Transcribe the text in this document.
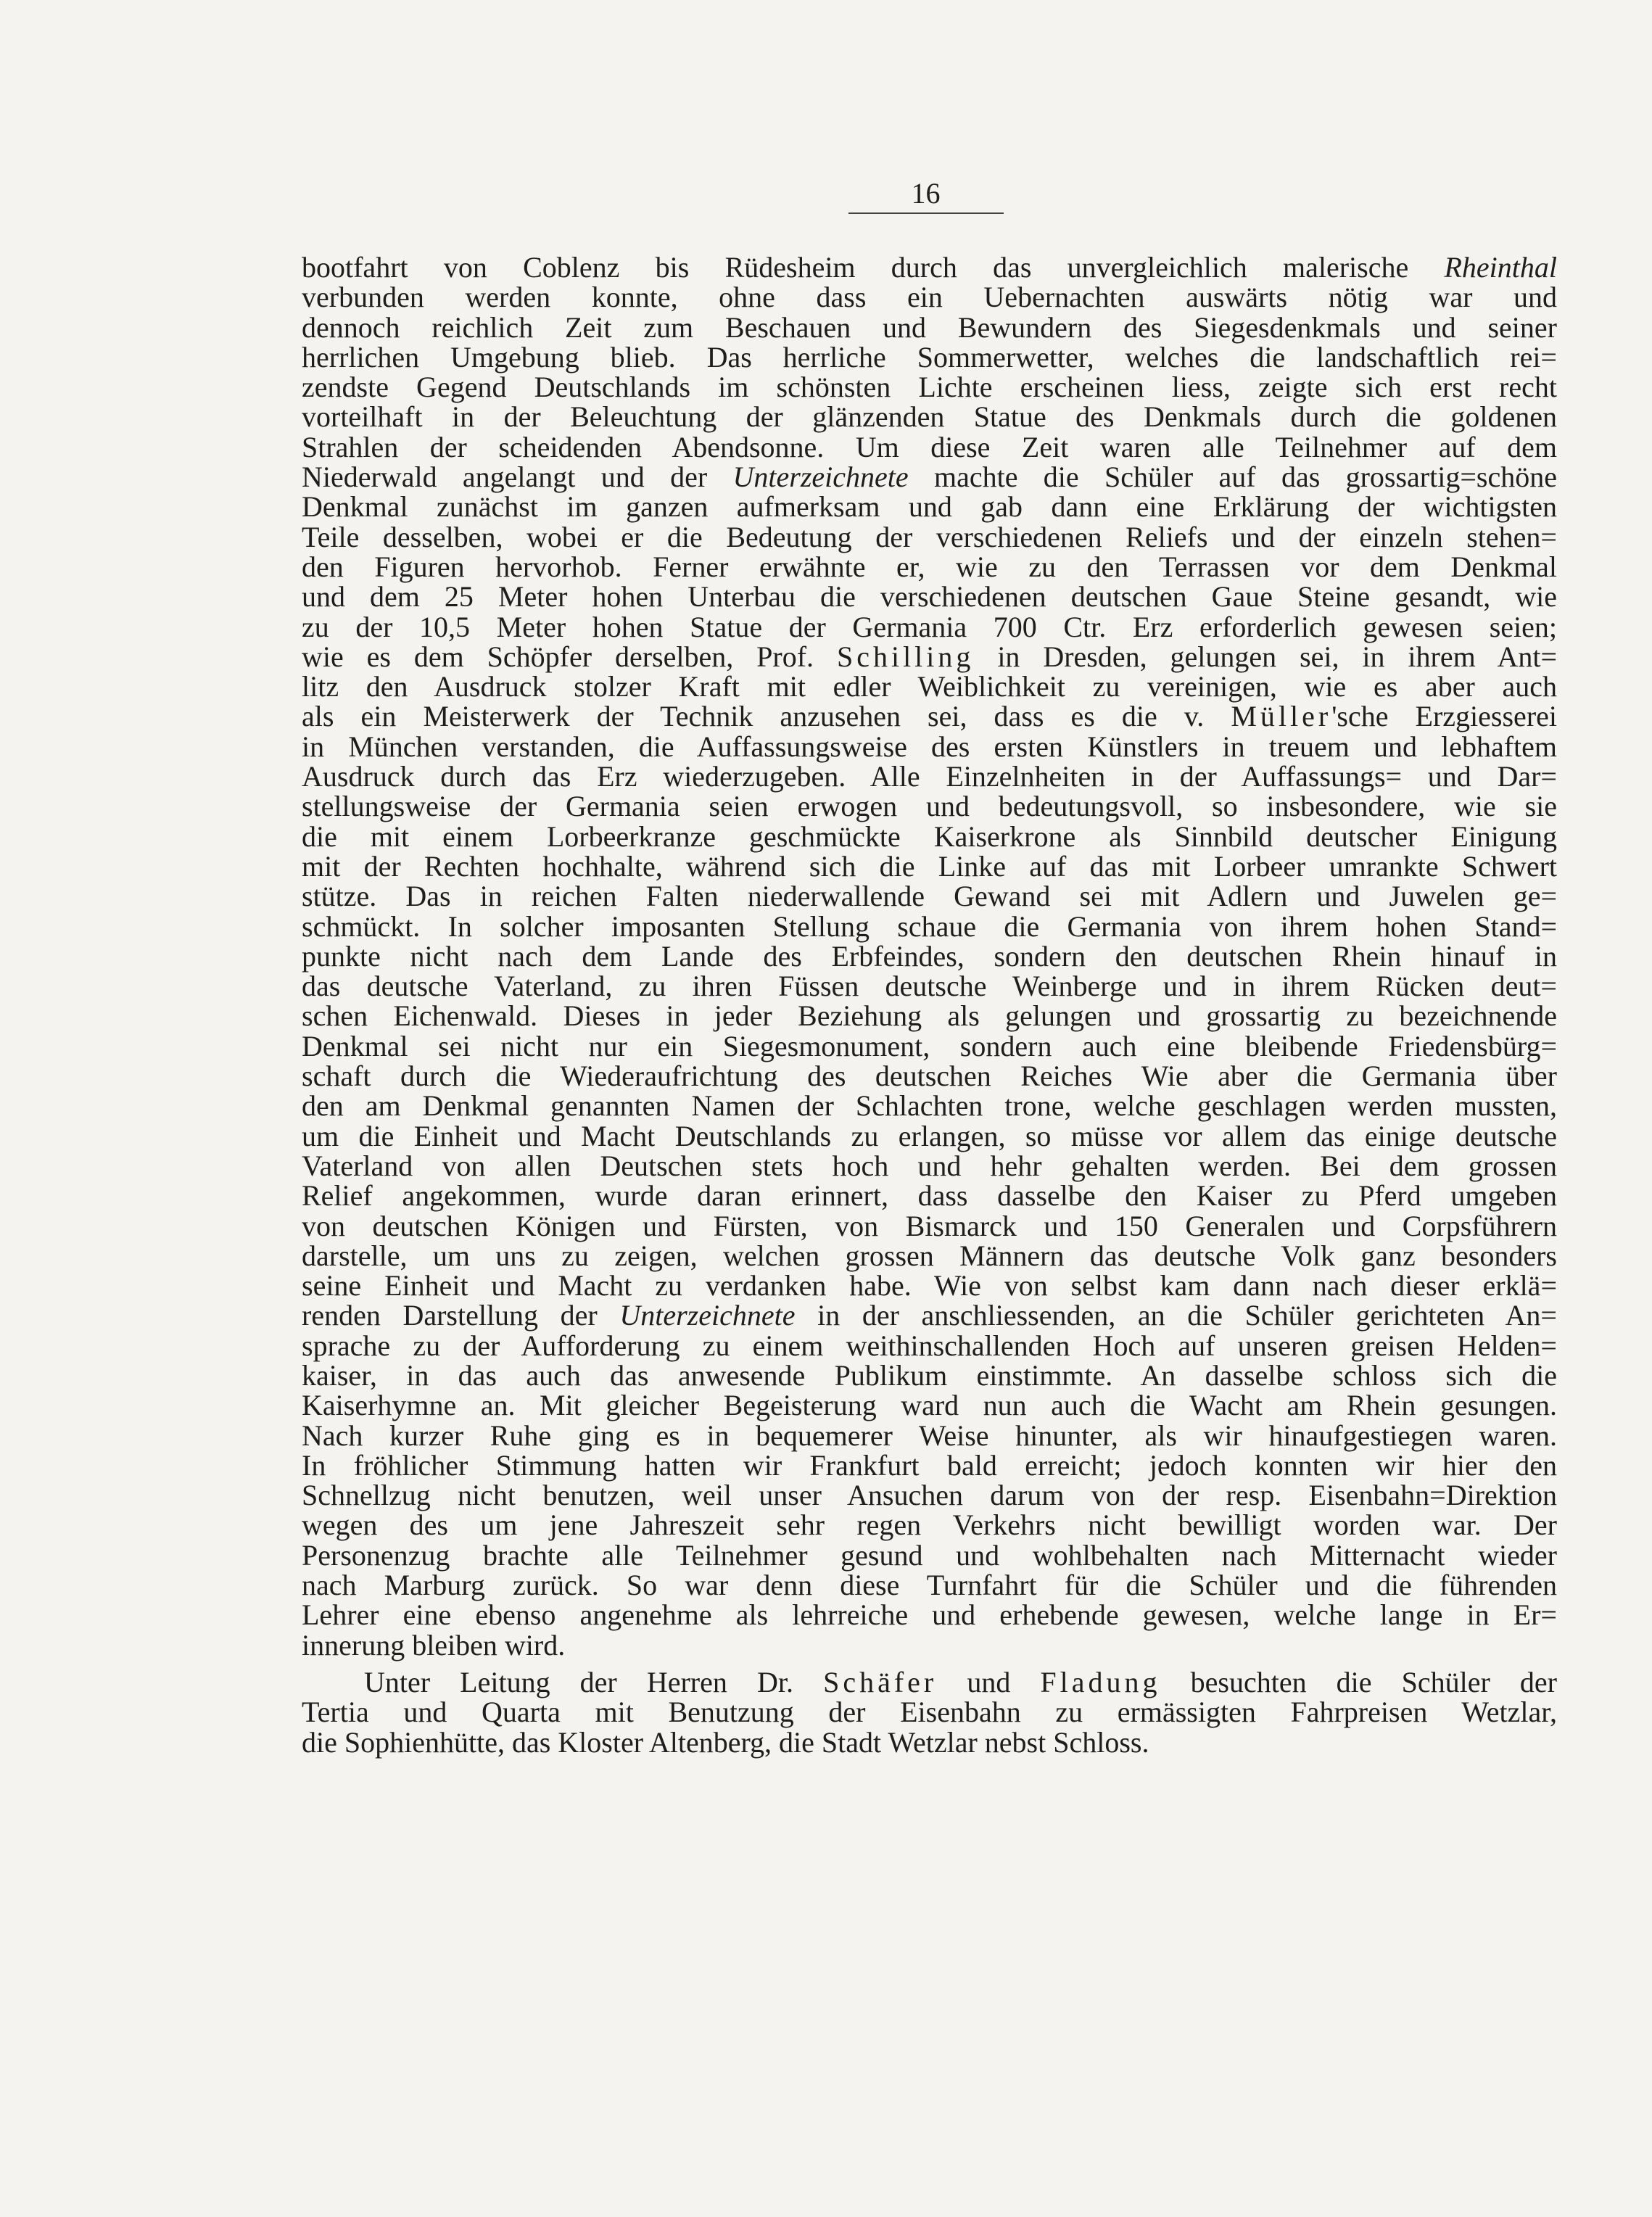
16
bootfahrt von Coblenz bis Rüdesheim durch das unvergleichlich malerische Rheinthal
verbunden werden konnte, ohne dass ein Uebernachten auswärts nötig war und
dennoch reichlich Zeit zum Beschauen und Bewundern des Siegesdenkmals und seiner
herrlichen Umgebung blieb. Das herrliche Sommerwetter, welches die landschaftlich rei=
zendste Gegend Deutschlands im schönsten Lichte erscheinen liess, zeigte sich erst recht
vorteilhaft in der Beleuchtung der glänzenden Statue des Denkmals durch die goldenen
Strahlen der scheidenden Abendsonne. Um diese Zeit waren alle Teilnehmer auf dem
Niederwald angelangt und der Unterzeichnete machte die Schüler auf das grossartig=schöne
Denkmal zunächst im ganzen aufmerksam und gab dann eine Erklärung der wichtigsten
Teile desselben, wobei er die Bedeutung der verschiedenen Reliefs und der einzeln stehen=
den Figuren hervorhob. Ferner erwähnte er, wie zu den Terrassen vor dem Denkmal
und dem 25 Meter hohen Unterbau die verschiedenen deutschen Gaue Steine gesandt, wie
zu der 10,5 Meter hohen Statue der Germania 700 Ctr. Erz erforderlich gewesen seien;
wie es dem Schöpfer derselben, Prof. Schilling in Dresden, gelungen sei, in ihrem Ant=
litz den Ausdruck stolzer Kraft mit edler Weiblichkeit zu vereinigen, wie es aber auch
als ein Meisterwerk der Technik anzusehen sei, dass es die v. Müller'sche Erzgiesserei
in München verstanden, die Auffassungsweise des ersten Künstlers in treuem und lebhaftem
Ausdruck durch das Erz wiederzugeben. Alle Einzelnheiten in der Auffassungs= und Dar=
stellungsweise der Germania seien erwogen und bedeutungsvoll, so insbesondere, wie sie
die mit einem Lorbeerkranze geschmückte Kaiserkrone als Sinnbild deutscher Einigung
mit der Rechten hochhalte, während sich die Linke auf das mit Lorbeer umrankte Schwert
stütze. Das in reichen Falten niederwallende Gewand sei mit Adlern und Juwelen ge=
schmückt. In solcher imposanten Stellung schaue die Germania von ihrem hohen Stand=
punkte nicht nach dem Lande des Erbfeindes, sondern den deutschen Rhein hinauf in
das deutsche Vaterland, zu ihren Füssen deutsche Weinberge und in ihrem Rücken deut=
schen Eichenwald. Dieses in jeder Beziehung als gelungen und grossartig zu bezeichnende
Denkmal sei nicht nur ein Siegesmonument, sondern auch eine bleibende Friedensbürg=
schaft durch die Wiederaufrichtung des deutschen Reiches Wie aber die Germania über
den am Denkmal genannten Namen der Schlachten trone, welche geschlagen werden mussten,
um die Einheit und Macht Deutschlands zu erlangen, so müsse vor allem das einige deutsche
Vaterland von allen Deutschen stets hoch und hehr gehalten werden. Bei dem grossen
Relief angekommen, wurde daran erinnert, dass dasselbe den Kaiser zu Pferd umgeben
von deutschen Königen und Fürsten, von Bismarck und 150 Generalen und Corpsführern
darstelle, um uns zu zeigen, welchen grossen Männern das deutsche Volk ganz besonders
seine Einheit und Macht zu verdanken habe. Wie von selbst kam dann nach dieser erklä=
renden Darstellung der Unterzeichnete in der anschliessenden, an die Schüler gerichteten An=
sprache zu der Aufforderung zu einem weithinschallenden Hoch auf unseren greisen Helden=
kaiser, in das auch das anwesende Publikum einstimmte. An dasselbe schloss sich die
Kaiserhymne an. Mit gleicher Begeisterung ward nun auch die Wacht am Rhein gesungen.
Nach kurzer Ruhe ging es in bequemerer Weise hinunter, als wir hinaufgestiegen waren.
In fröhlicher Stimmung hatten wir Frankfurt bald erreicht; jedoch konnten wir hier den
Schnellzug nicht benutzen, weil unser Ansuchen darum von der resp. Eisenbahn=Direktion
wegen des um jene Jahreszeit sehr regen Verkehrs nicht bewilligt worden war. Der
Personenzug brachte alle Teilnehmer gesund und wohlbehalten nach Mitternacht wieder
nach Marburg zurück. So war denn diese Turnfahrt für die Schüler und die führenden
Lehrer eine ebenso angenehme als lehrreiche und erhebende gewesen, welche lange in Er=
innerung bleiben wird.
Unter Leitung der Herren Dr. Schäfer und Fladung besuchten die Schüler der
Tertia und Quarta mit Benutzung der Eisenbahn zu ermässigten Fahrpreisen Wetzlar,
die Sophienhütte, das Kloster Altenberg, die Stadt Wetzlar nebst Schloss.
